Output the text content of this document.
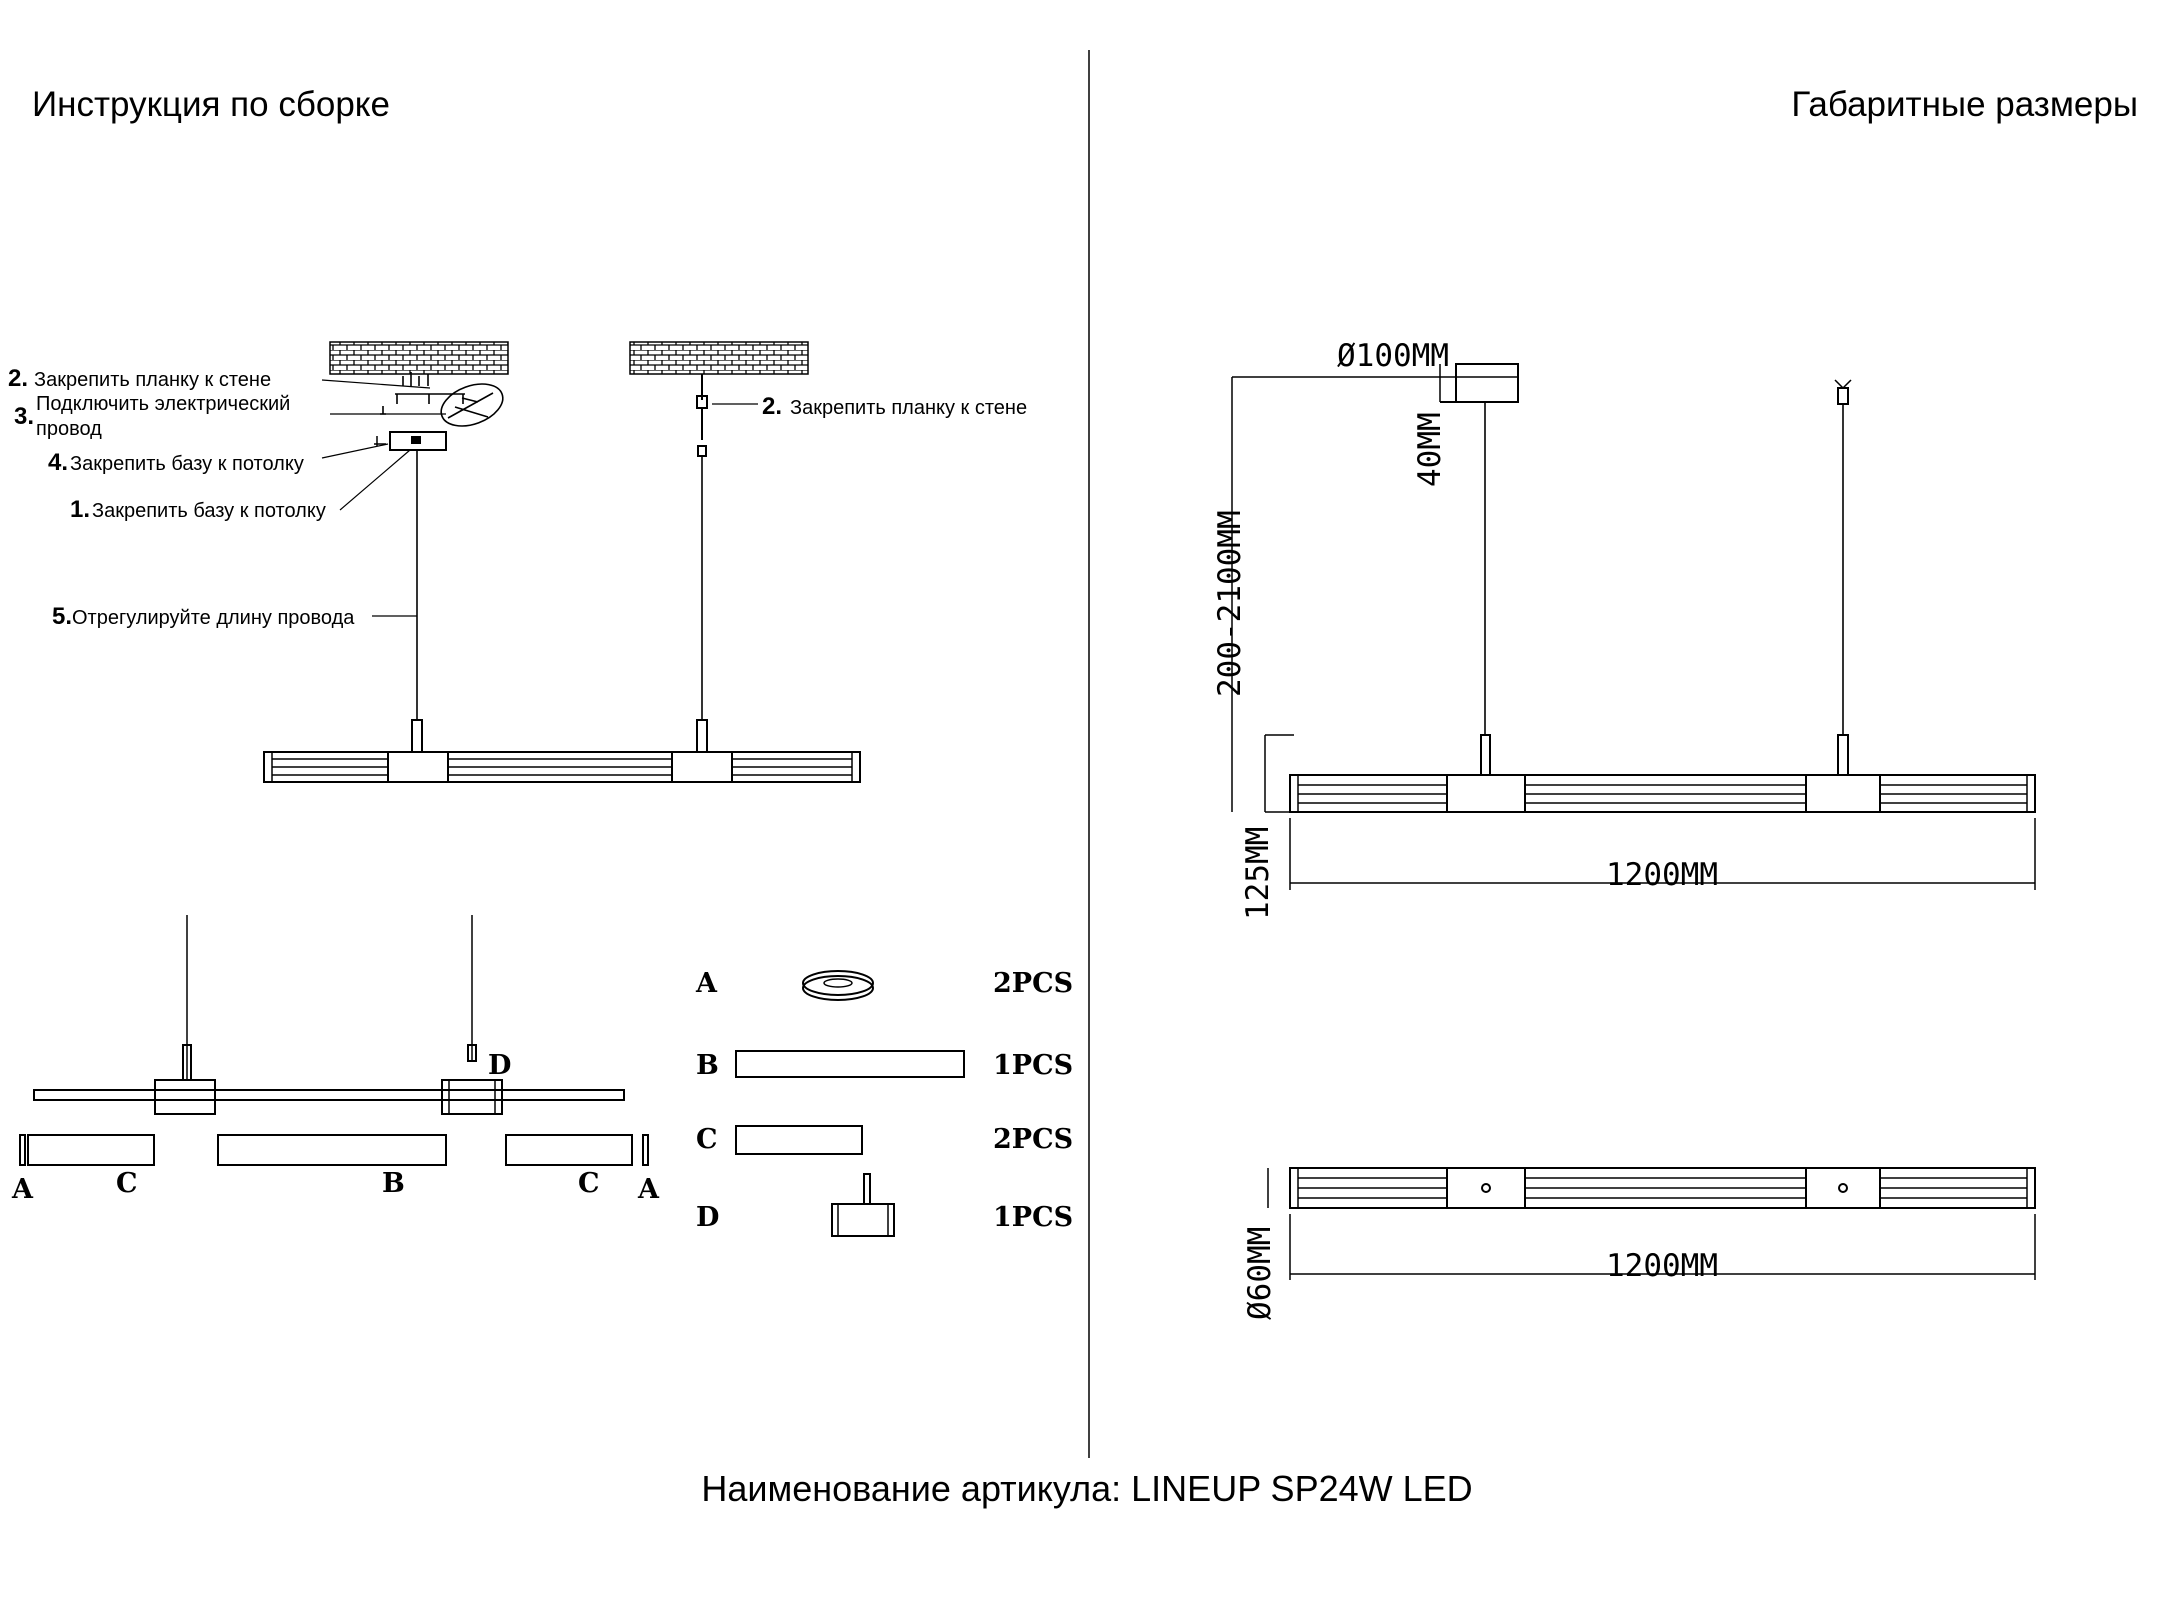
Инструкция по сборке	Габаритные размеры
Наименование артикула: LINEUP SP24W LED
2. Закрепить планку к стене
3. Подключить электрический
провод
4. Закрепить базу к потолку
1. Закрепить базу к потолку
5. Отрегулируйте длину провода
2. Закрепить планку к стене
A	C	B	C A
D
A	2PCS
B	1PCS
C	2PCS
D	1PCS
Ø100MM
40MM
200-2100MM
125MM	1200MM
Ø60MM	1200MM
